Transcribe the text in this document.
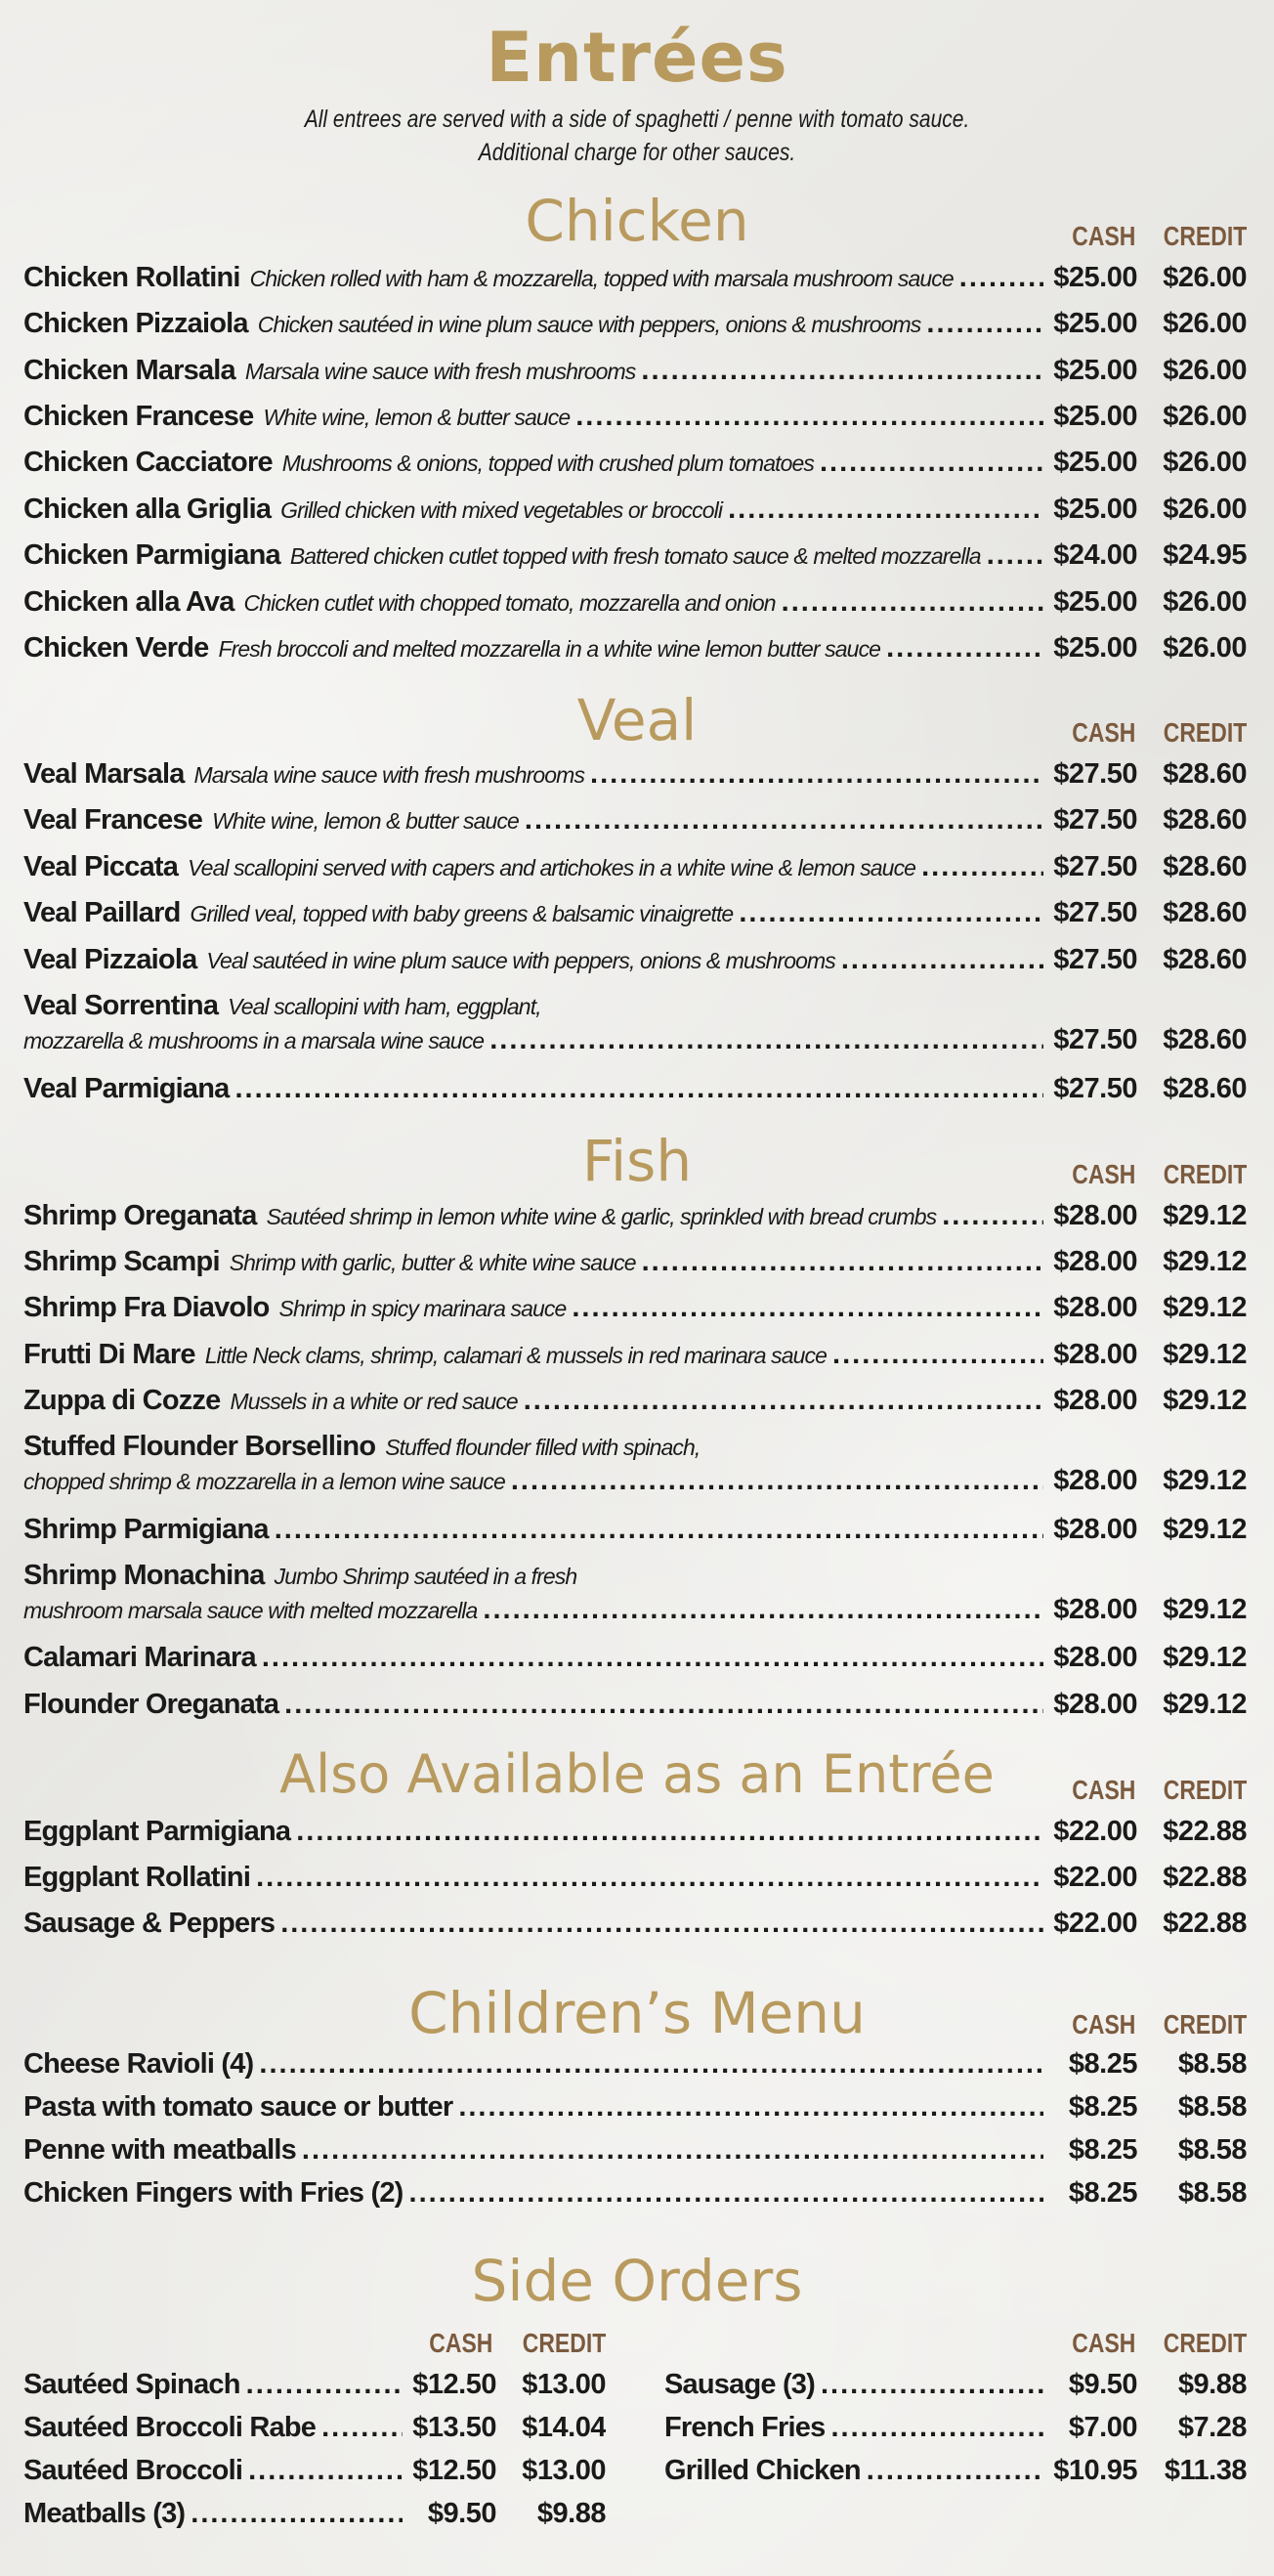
Entrées
All entrees are served with a side of spaghetti / penne with tomato sauce.
Additional charge for other sauces.
Chicken	CASH CREDIT
Chicken Rollatini Chicken rolled with ham & mozzarella, topped with marsala mushroom sauce .....	$25.00 $26.00
Chicken Pizzaiola Chicken sautéed in wine plum sauce with peppers, onions & mushrooms .....	$25.00 $26.00
Chicken Marsala Marsala wine sauce with fresh mushrooms .....	$25.00 $26.00
Chicken Francese White wine, lemon & butter sauce .....	$25.00 $26.00
Chicken Cacciatore Mushrooms & onions, topped with crushed plum tomatoes .....	$25.00 $26.00
Chicken alla Griglia Grilled chicken with mixed vegetables or broccoli .....	$25.00 $26.00
Chicken Parmigiana Battered chicken cutlet topped with fresh tomato sauce & melted mozzarella .....	$24.00 $24.95
Chicken alla Ava Chicken cutlet with chopped tomato, mozzarella and onion .....	$25.00 $26.00
Chicken Verde Fresh broccoli and melted mozzarella in a white wine lemon butter sauce .....	$25.00 $26.00
Veal	CASH CREDIT
Veal Marsala Marsala wine sauce with fresh mushrooms .....	$27.50 $28.60
Veal Francese White wine, lemon & butter sauce .....	$27.50 $28.60
Veal Piccata Veal scallopini served with capers and artichokes in a white wine & lemon sauce .....	$27.50 $28.60
Veal Paillard Grilled veal, topped with baby greens & balsamic vinaigrette .....	$27.50 $28.60
Veal Pizzaiola Veal sautéed in wine plum sauce with peppers, onions & mushrooms .....	$27.50 $28.60
Veal Sorrentina Veal scallopini with ham, eggplant,
mozzarella & mushrooms in a marsala wine sauce .....	$27.50 $28.60
Veal Parmigiana .....	$27.50 $28.60
Fish	CASH CREDIT
Shrimp Oreganata Sautéed shrimp in lemon white wine & garlic, sprinkled with bread crumbs .....	$28.00 $29.12
Shrimp Scampi Shrimp with garlic, butter & white wine sauce .....	$28.00 $29.12
Shrimp Fra Diavolo Shrimp in spicy marinara sauce .....	$28.00 $29.12
Frutti Di Mare Little Neck clams, shrimp, calamari & mussels in red marinara sauce .....	$28.00 $29.12
Zuppa di Cozze Mussels in a white or red sauce .....	$28.00 $29.12
Stuffed Flounder Borsellino Stuffed flounder filled with spinach,
chopped shrimp & mozzarella in a lemon wine sauce .....	$28.00 $29.12
Shrimp Parmigiana .....	$28.00 $29.12
Shrimp Monachina Jumbo Shrimp sautéed in a fresh
mushroom marsala sauce with melted mozzarella .....	$28.00 $29.12
Calamari Marinara .....	$28.00 $29.12
Flounder Oreganata .....	$28.00 $29.12
Also Available as an Entrée	CASH CREDIT
Eggplant Parmigiana .....	$22.00 $22.88
Eggplant Rollatini .....	$22.00 $22.88
Sausage & Peppers .....	$22.00 $22.88
Children’s Menu	CASH CREDIT
Cheese Ravioli (4) .....	$8.25	$8.58
Pasta with tomato sauce or butter .....	$8.25	$8.58
Penne with meatballs .....	$8.25	$8.58
Chicken Fingers with Fries (2) .....	$8.25	$8.58
Side Orders
CASH CREDIT	CASH CREDIT
Sautéed Spinach .....	$12.50 $13.00
Sautéed Broccoli Rabe .....	$13.50 $14.04
Sautéed Broccoli .....	$12.50 $13.00
Meatballs (3) .....	$9.50	$9.88
Sausage (3) .....	$9.50	$9.88
French Fries .....	$7.00	$7.28
Grilled Chicken .....	$10.95 $11.38
